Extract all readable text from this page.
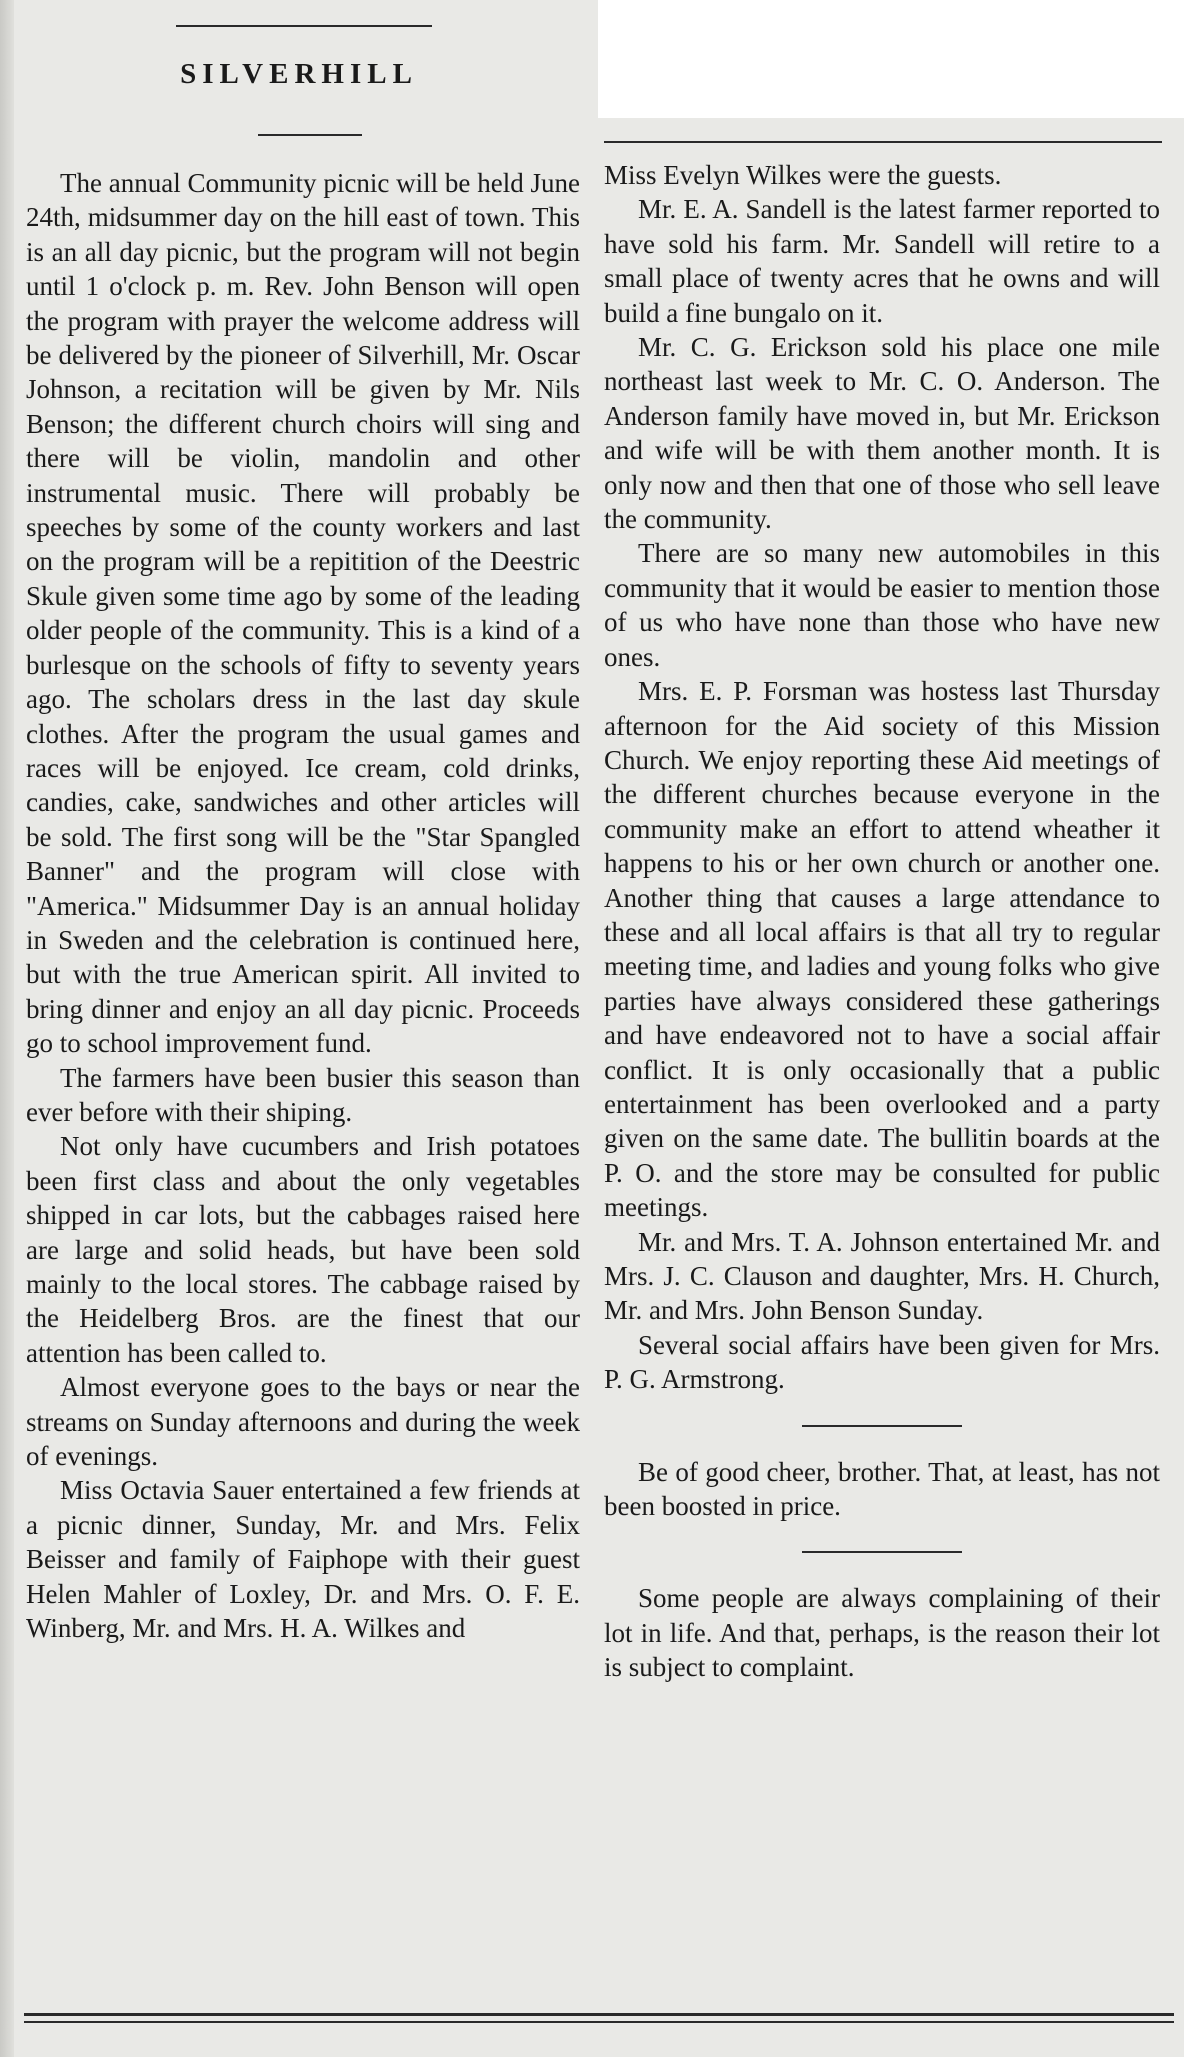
SILVERHILL

The annual Community picnic will be held June 24th, midsummer day on the hill east of town. This is an all day picnic, but the program will not begin until 1 o'clock p. m. Rev. John Benson will open the program with prayer the welcome address will be delivered by the pioneer of Silverhill, Mr. Oscar Johnson, a recitation will be given by Mr. Nils Benson; the different church choirs will sing and there will be violin, mandolin and other instrumental music. There will probably be speeches by some of the county workers and last on the program will be a repitition of the Deestric Skule given some time ago by some of the leading older people of the community. This is a kind of a burlesque on the schools of fifty to seventy years ago. The scholars dress in the last day skule clothes. After the program the usual games and races will be enjoyed. Ice cream, cold drinks, candies, cake, sandwiches and other articles will be sold. The first song will be the "Star Spangled Banner" and the program will close with "America." Midsummer Day is an annual holiday in Sweden and the celebration is continued here, but with the true American spirit. All invited to bring dinner and enjoy an all day picnic. Proceeds go to school improvement fund.

The farmers have been busier this season than ever before with their shiping.

Not only have cucumbers and Irish potatoes been first class and about the only vegetables shipped in car lots, but the cabbages raised here are large and solid heads, but have been sold mainly to the local stores. The cabbage raised by the Heidelberg Bros. are the finest that our attention has been called to.

Almost everyone goes to the bays or near the streams on Sunday afternoons and during the week of evenings.

Miss Octavia Sauer entertained a few friends at a picnic dinner, Sunday, Mr. and Mrs. Felix Beisser and family of Faiphope with their guest Helen Mahler of Loxley, Dr. and Mrs. O. F. E. Winberg, Mr. and Mrs. H. A. Wilkes and

Miss Evelyn Wilkes were the guests.

Mr. E. A. Sandell is the latest farmer reported to have sold his farm. Mr. Sandell will retire to a small place of twenty acres that he owns and will build a fine bungalo on it.

Mr. C. G. Erickson sold his place one mile northeast last week to Mr. C. O. Anderson. The Anderson family have moved in, but Mr. Erickson and wife will be with them another month. It is only now and then that one of those who sell leave the community.

There are so many new automobiles in this community that it would be easier to mention those of us who have none than those who have new ones.

Mrs. E. P. Forsman was hostess last Thursday afternoon for the Aid society of this Mission Church. We enjoy reporting these Aid meetings of the different churches because everyone in the community make an effort to attend wheather it happens to his or her own church or another one. Another thing that causes a large attendance to these and all local affairs is that all try to regular meeting time, and ladies and young folks who give parties have always considered these gatherings and have endeavored not to have a social affair conflict. It is only occasionally that a public entertainment has been overlooked and a party given on the same date. The bullitin boards at the P. O. and the store may be consulted for public meetings.

Mr. and Mrs. T. A. Johnson entertained Mr. and Mrs. J. C. Clauson and daughter, Mrs. H. Church, Mr. and Mrs. John Benson Sunday.

Several social affairs have been given for Mrs. P. G. Armstrong.

Be of good cheer, brother. That, at least, has not been boosted in price.

Some people are always complaining of their lot in life. And that, perhaps, is the reason their lot is subject to complaint.
